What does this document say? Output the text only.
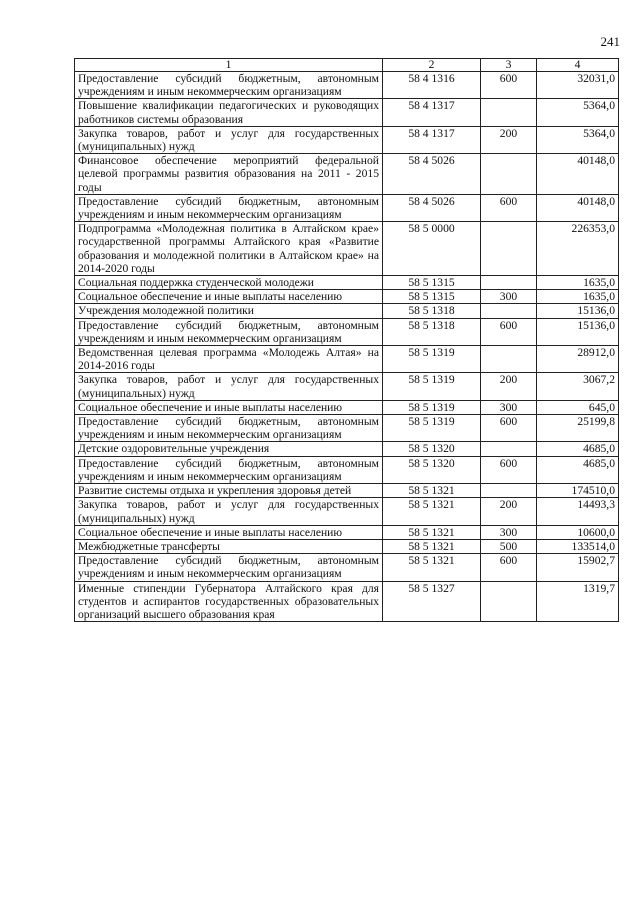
241
1	2	3	4
Предоставление субсидий бюджетным, автономным учреждениям и иным некоммерческим организациям	58 4 1316	600	32031,0
Повышение квалификации педагогических и руководящих работников системы образования	58 4 1317		5364,0
Закупка товаров, работ и услуг для государственных (муниципальных) нужд	58 4 1317	200	5364,0
Финансовое обеспечение мероприятий федеральной целевой программы развития образования на 2011 - 2015 годы	58 4 5026		40148,0
Предоставление субсидий бюджетным, автономным учреждениям и иным некоммерческим организациям	58 4 5026	600	40148,0
Подпрограмма «Молодежная политика в Алтайском крае» государственной программы Алтайского края «Развитие образования и молодежной политики в Алтайском крае» на 2014-2020 годы	58 5 0000		226353,0
Социальная поддержка студенческой молодежи	58 5 1315		1635,0
Социальное обеспечение и иные выплаты населению	58 5 1315	300	1635,0
Учреждения молодежной политики	58 5 1318		15136,0
Предоставление субсидий бюджетным, автономным учреждениям и иным некоммерческим организациям	58 5 1318	600	15136,0
Ведомственная целевая программа «Молодежь Алтая» на 2014-2016 годы	58 5 1319		28912,0
Закупка товаров, работ и услуг для государственных (муниципальных) нужд	58 5 1319	200	3067,2
Социальное обеспечение и иные выплаты населению	58 5 1319	300	645,0
Предоставление субсидий бюджетным, автономным учреждениям и иным некоммерческим организациям	58 5 1319	600	25199,8
Детские оздоровительные учреждения	58 5 1320		4685,0
Предоставление субсидий бюджетным, автономным учреждениям и иным некоммерческим организациям	58 5 1320	600	4685,0
Развитие системы отдыха и укрепления здоровья детей	58 5 1321		174510,0
Закупка товаров, работ и услуг для государственных (муниципальных) нужд	58 5 1321	200	14493,3
Социальное обеспечение и иные выплаты населению	58 5 1321	300	10600,0
Межбюджетные трансферты	58 5 1321	500	133514,0
Предоставление субсидий бюджетным, автономным учреждениям и иным некоммерческим организациям	58 5 1321	600	15902,7
Именные стипендии Губернатора Алтайского края для студентов и аспирантов государственных образовательных организаций высшего образования края	58 5 1327		1319,7
